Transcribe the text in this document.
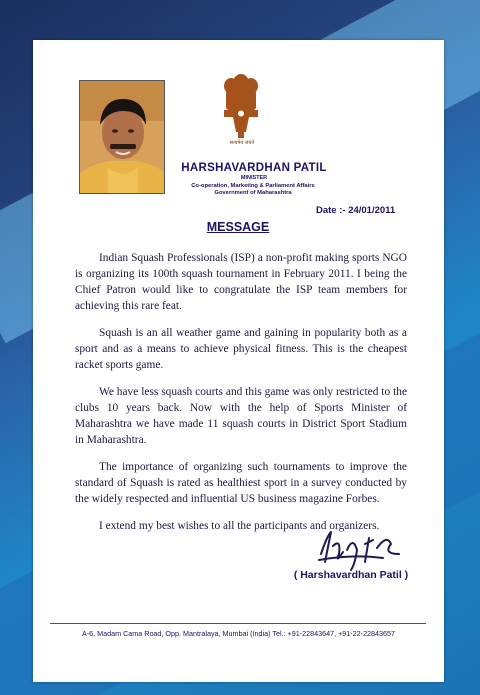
सत्यमेव जयते
HARSHAVARDHAN PATIL
MINISTER
Co-operation, Marketing & Parliament Affairs
Government of Maharashtra
Date :- 24/01/2011
MESSAGE

Indian Squash Professionals (ISP) a non-profit making sports NGO is organizing its 100th squash tournament in February 2011. I being the Chief Patron would like to congratulate the ISP team members for achieving this rare feat.

Squash is an all weather game and gaining in popularity both as a sport and as a means to achieve physical fitness. This is the cheapest racket sports game.

We have less squash courts and this game was only restricted to the clubs 10 years back. Now with the help of Sports Minister of Maharashtra we have made 11 squash courts in District Sport Stadium in Maharashtra.

The importance of organizing such tournaments to improve the standard of Squash is rated as healthiest sport in a survey conducted by the widely respected and influential US business magazine Forbes.

I extend my best wishes to all the participants and organizers.

( Harshavardhan Patil )
A-6, Madam Cama Road, Opp. Mantralaya, Mumbai (India) Tel.: +91-22843647, +91-22-22843657
